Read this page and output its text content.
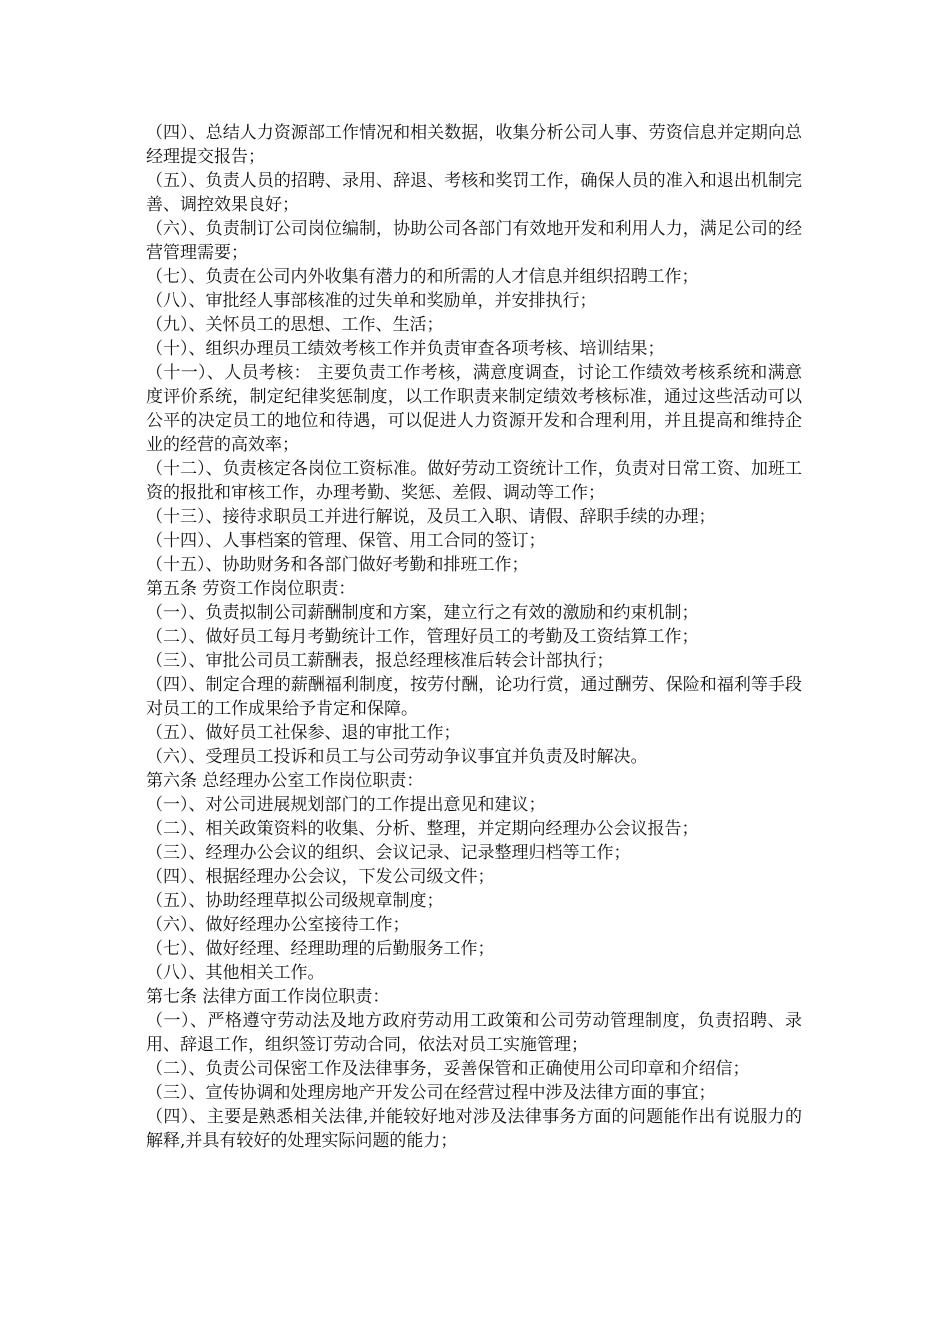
（四）、总结人力资源部工作情况和相关数据，收集分析公司人事、劳资信息并定期向总经理提交报告；

（五）、负责人员的招聘、录用、辞退、考核和奖罚工作，确保人员的准入和退出机制完善、调控效果良好；

（六）、负责制订公司岗位编制，协助公司各部门有效地开发和利用人力，满足公司的经营管理需要；

（七）、负责在公司内外收集有潜力的和所需的人才信息并组织招聘工作；

（八）、审批经人事部核准的过失单和奖励单，并安排执行；

（九）、关怀员工的思想、工作、生活；

（十）、组织办理员工绩效考核工作并负责审查各项考核、培训结果；

（十一）、人员考核： 主要负责工作考核，满意度调查，讨论工作绩效考核系统和满意度评价系统，制定纪律奖惩制度，以工作职责来制定绩效考核标准，通过这些活动可以公平的决定员工的地位和待遇，可以促进人力资源开发和合理利用，并且提高和维持企业的经营的高效率；

（十二）、负责核定各岗位工资标准。做好劳动工资统计工作，负责对日常工资、加班工资的报批和审核工作，办理考勤、奖惩、差假、调动等工作；

（十三）、接待求职员工并进行解说，及员工入职、请假、辞职手续的办理；

（十四）、人事档案的管理、保管、用工合同的签订；

（十五）、协助财务和各部门做好考勤和排班工作；

第五条 劳资工作岗位职责：

（一）、负责拟制公司薪酬制度和方案，建立行之有效的激励和约束机制；

（二）、做好员工每月考勤统计工作，管理好员工的考勤及工资结算工作；

（三）、审批公司员工薪酬表，报总经理核准后转会计部执行；

（四）、制定合理的薪酬福利制度，按劳付酬，论功行赏，通过酬劳、保险和福利等手段对员工的工作成果给予肯定和保障。

（五）、做好员工社保参、退的审批工作；

（六）、受理员工投诉和员工与公司劳动争议事宜并负责及时解决。

第六条 总经理办公室工作岗位职责：

（一）、对公司进展规划部门的工作提出意见和建议；

（二）、相关政策资料的收集、分析、整理，并定期向经理办公会议报告；

（三）、经理办公会议的组织、会议记录、记录整理归档等工作；

（四）、根据经理办公会议，下发公司级文件；

（五）、协助经理草拟公司级规章制度；

（六）、做好经理办公室接待工作；

（七）、做好经理、经理助理的后勤服务工作；

（八）、其他相关工作。

第七条 法律方面工作岗位职责：

（一）、严格遵守劳动法及地方政府劳动用工政策和公司劳动管理制度，负责招聘、录用、辞退工作，组织签订劳动合同，依法对员工实施管理；

（二）、负责公司保密工作及法律事务，妥善保管和正确使用公司印章和介绍信；

（三）、宣传协调和处理房地产开发公司在经营过程中涉及法律方面的事宜；

（四）、主要是熟悉相关法律,并能较好地对涉及法律事务方面的问题能作出有说服力的解释,并具有较好的处理实际问题的能力；
